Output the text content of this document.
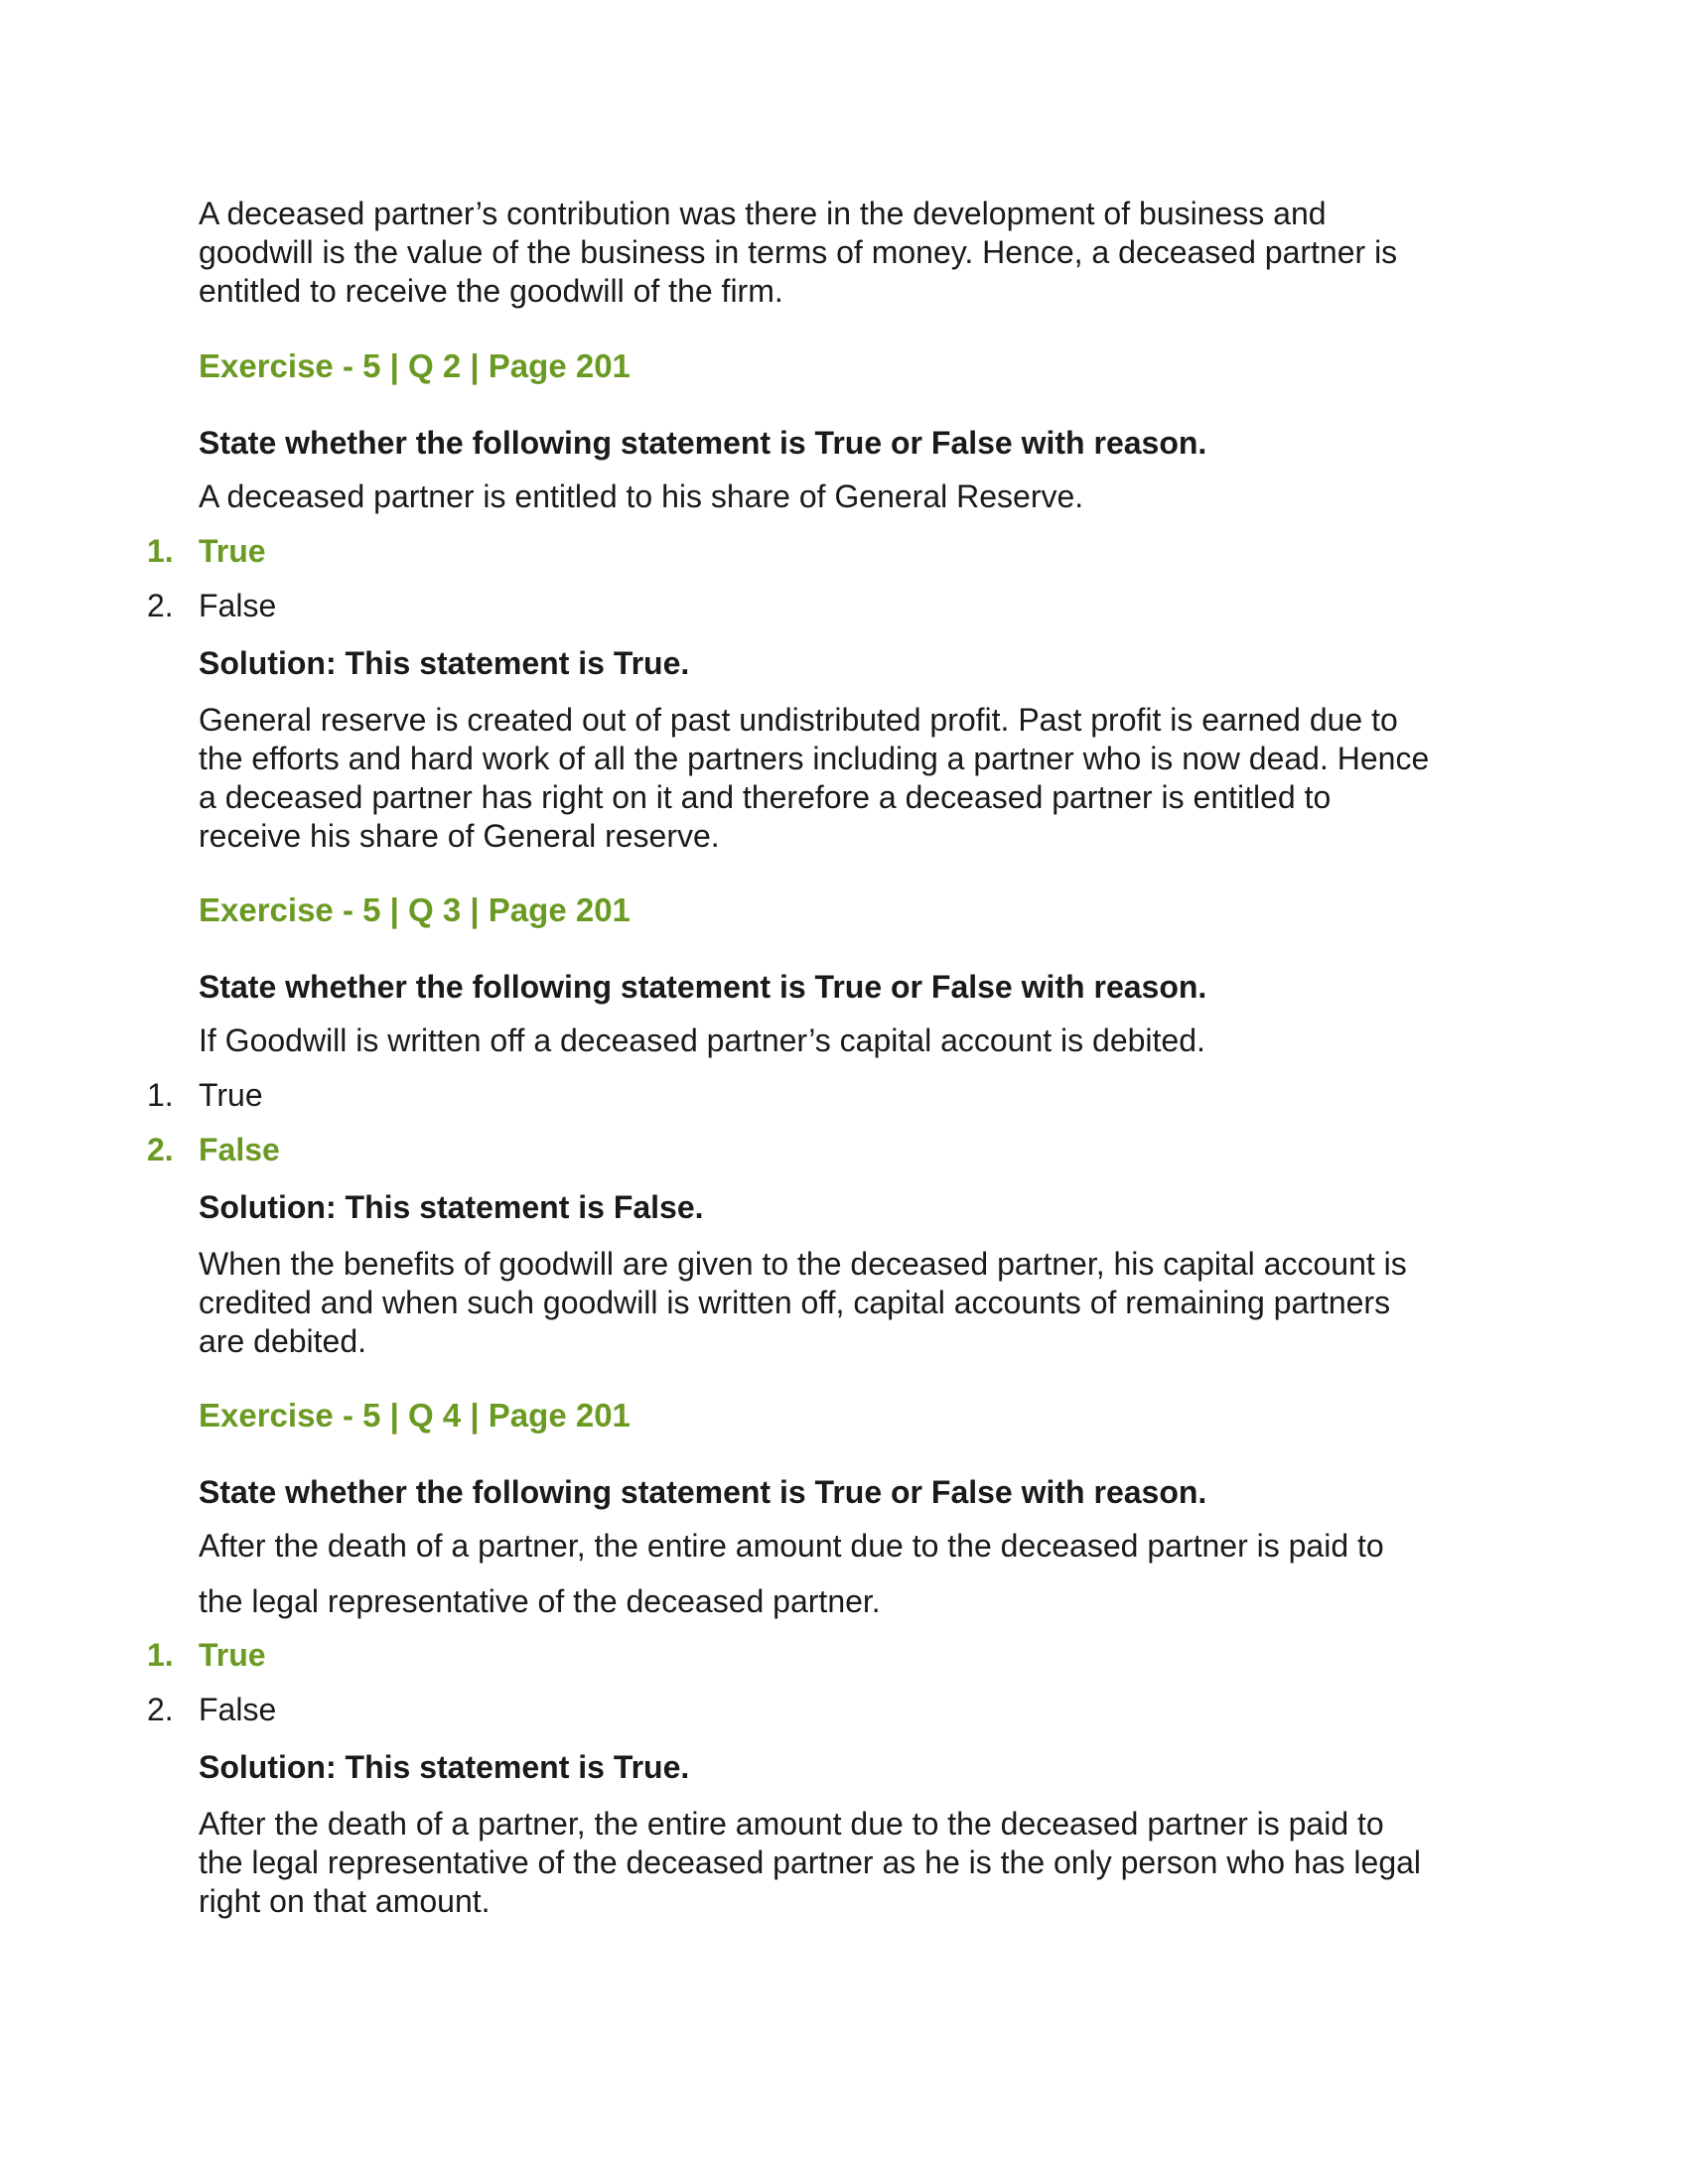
A deceased partner’s contribution was there in the development of business and
goodwill is the value of the business in terms of money. Hence, a deceased partner is
entitled to receive the goodwill of the firm.

Exercise - 5 | Q 2 | Page 201

State whether the following statement is True or False with reason.

A deceased partner is entitled to his share of General Reserve.

1. True
2. False

Solution: This statement is True.

General reserve is created out of past undistributed profit. Past profit is earned due to
the efforts and hard work of all the partners including a partner who is now dead. Hence
a deceased partner has right on it and therefore a deceased partner is entitled to
receive his share of General reserve.

Exercise - 5 | Q 3 | Page 201

State whether the following statement is True or False with reason.

If Goodwill is written off a deceased partner’s capital account is debited.

1. True
2. False

Solution: This statement is False.

When the benefits of goodwill are given to the deceased partner, his capital account is
credited and when such goodwill is written off, capital accounts of remaining partners
are debited.

Exercise - 5 | Q 4 | Page 201

State whether the following statement is True or False with reason.

After the death of a partner, the entire amount due to the deceased partner is paid to
the legal representative of the deceased partner.

1. True
2. False

Solution: This statement is True.

After the death of a partner, the entire amount due to the deceased partner is paid to
the legal representative of the deceased partner as he is the only person who has legal
right on that amount.
